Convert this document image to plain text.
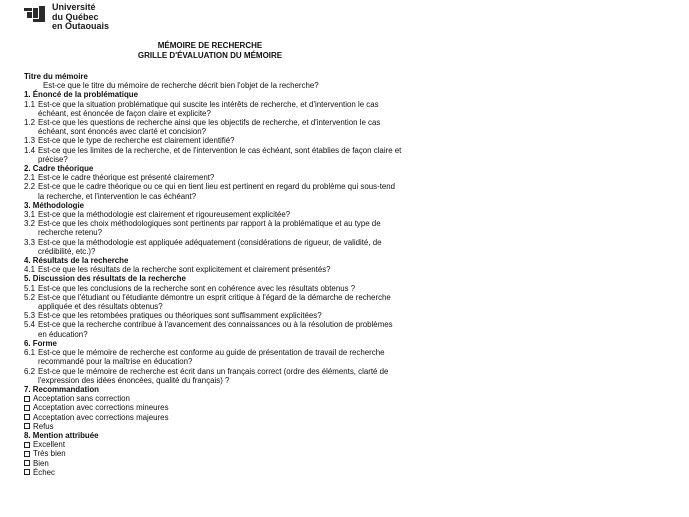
Université
du Québec
en Outaouais
MÉMOIRE DE RECHERCHE
GRILLE D'ÉVALUATION DU MÉMOIRE
Titre du mémoire
Est-ce que le titre du mémoire de recherche décrit bien l'objet de la recherche?
1. Énoncé de la problématique
1.1 Est-ce que la situation problématique qui suscite les intérêts de recherche, et d'intervention le cas échéant, est énoncée de façon claire et explicite?
1.2 Est-ce que les questions de recherche ainsi que les objectifs de recherche, et d'intervention le cas échéant, sont énoncés avec clarté et concision?
1.3 Est-ce que le type de recherche est clairement identifié?
1.4 Est-ce que les limites de la recherche, et de l'intervention le cas échéant, sont établies de façon claire et précise?
2. Cadre théorique
2.1 Est-ce le cadre théorique est présenté clairement?
2.2 Est-ce que le cadre théorique ou ce qui en tient lieu est pertinent en regard du problème qui sous-tend la recherche, et l'intervention le cas échéant?
3. Méthodologie
3.1 Est-ce que la méthodologie est clairement et rigoureusement explicitée?
3.2 Est-ce que les choix méthodologiques sont pertinents par rapport à la problématique et au type de recherche retenu?
3.3 Est-ce que la méthodologie est appliquée adéquatement (considérations de rigueur, de validité, de crédibilité, etc.)?
4. Résultats de la recherche
4.1 Est-ce que les résultats de la recherche sont explicitement et clairement présentés?
5. Discussion des résultats de la recherche
5.1 Est-ce que les conclusions de la recherche sont en cohérence avec les résultats obtenus ?
5.2 Est-ce que l'étudiant ou l'étudiante démontre un esprit critique à l'égard de la démarche de recherche appliquée et des résultats obtenus?
5.3 Est-ce que les retombées pratiques ou théoriques sont suffisamment explicitées?
5.4 Est-ce que la recherche contribue à l'avancement des connaissances ou à la résolution de problèmes en éducation?
6. Forme
6.1 Est-ce que le mémoire de recherche est conforme au guide de présentation de travail de recherche recommandé pour la maîtrise en éducation?
6.2 Est-ce que le mémoire de recherche est écrit dans un français correct (ordre des éléments, clarté de l'expression des idées énoncées, qualité du français) ?
7. Recommandation
Acceptation sans correction
Acceptation avec corrections mineures
Acceptation avec corrections majeures
Refus
8. Mention attribuée
Excellent
Très bien
Bien
Échec
